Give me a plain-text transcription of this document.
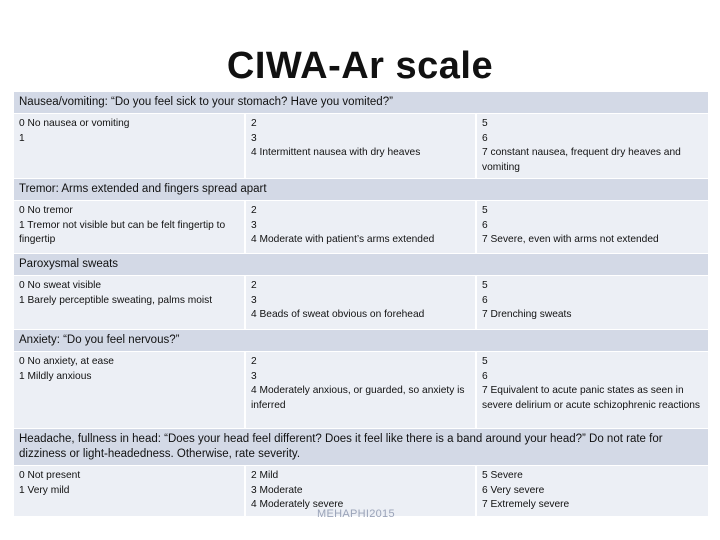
CIWA-Ar scale
Nausea/vomiting: “Do you feel sick to your stomach? Have you vomited?”
0 No nausea or vomiting
1
2
3
4 Intermittent nausea with dry heaves
5
6
7 constant nausea, frequent dry heaves and vomiting
Tremor: Arms extended and fingers spread apart
0 No tremor
1 Tremor not visible but can be felt fingertip to fingertip
2
3
4 Moderate with patient’s arms extended
5
6
7 Severe, even with arms not extended
Paroxysmal sweats
0 No sweat visible
1 Barely perceptible sweating, palms moist
2
3
4 Beads of sweat obvious on forehead
5
6
7 Drenching sweats
Anxiety: “Do you feel nervous?”
0 No anxiety, at ease
1 Mildly anxious
2
3
4 Moderately anxious, or guarded, so anxiety is inferred
5
6
7 Equivalent to acute panic states as seen in severe delirium or acute schizophrenic reactions
Headache, fullness in head: “Does your head feel different? Does it feel like there is a band around your head?” Do not rate for dizziness or light-headedness. Otherwise, rate severity.
0 Not present
1 Very mild
2 Mild
3 Moderate
4 Moderately severe
5 Severe
6 Very severe
7 Extremely severe
MEHAPHI2015
